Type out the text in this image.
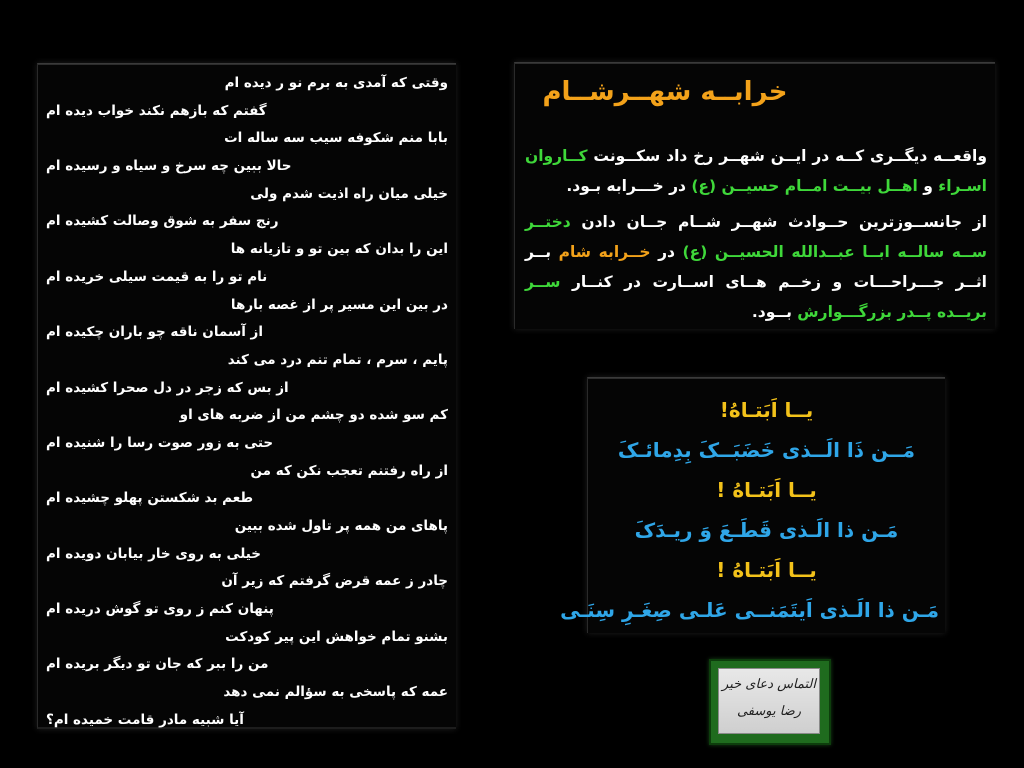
وقتی که آمدی به برم نو ر دیده ام
گفتم که بازهم نکند خواب دیده ام
بابا منم شکوفه سیب سه ساله ات
حالا ببین چه سرخ و سیاه و رسیده ام
خیلی میان راه اذیت شدم ولی
رنج سفر به شوق وصالت کشیده ام
این را بدان که بین تو و تازیانه ها
نام تو را به قیمت سیلی خریده ام
در بین این مسیر پر از غصه بارها
از آسمان ناقه چو باران چکیده ام
پایم ، سرم ، تمام تنم درد می کند
از بس که زجر در دل صحرا کشیده ام
کم سو شده دو چشم من از ضربه های او
حتی به زور صوت رسا را شنیده ام
از راه رفتنم تعجب نکن که من
طعم بد شکستن پهلو چشیده ام
پاهای من همه پر تاول شده ببین
خیلی به روی خار بیابان دویده ام
چادر ز عمه قرض گرفتم که زیر آن
پنهان کنم ز روی تو گوش دریده ام
بشنو تمام خواهش این پیر کودکت
من را ببر که جان تو دیگر بریده ام
عمه که پاسخی به سؤالم نمی دهد
آیا شبیه مادر قامت خمیده ام؟
خرابــه شهــرشــام

واقعــه دیگــری کــه در ایــن شهــر رخ داد سکــونت کــاروان اسـراء و اهــل بیــت امــام حسیــن (ع) در خـــرابه بـود.

از جانســوزترین حــوادث شهــر شــام جــان دادن دختــر ســه سالــه ابــا عبــدالله الحسیــن (ع) در خــرابه شام بــر اثــر جـــراحـــات و زخــم هــای اســارت در کنــار ســر بریــده پــدر بزرگـــوارش بــود.

یــا اَبَتـاهُ!
مَــن ذَا الَــذی خَضَبَــکَ بِدِمائـکَ
یــا اَبَتـاهُ !
مَـن ذا الَـذی قَطَـعَ وَ ریـدَکَ
یــا اَبَتـاهُ !
مَـن ذا الَـذی اَیتَمَنــی عَلـی صِغَـرِ سِنَـی
التماس دعای خیر
رضا یوسفی
